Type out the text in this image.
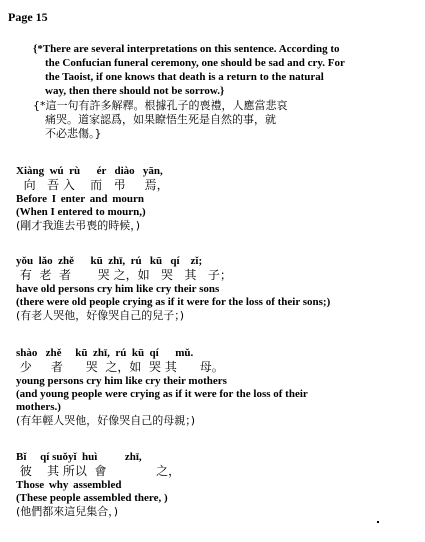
Page 15
{*There are several interpretations on this sentence. According to
the Confucian funeral ceremony, one should be sad and cry. For
the Taoist, if one knows that death is a return to the natural
way, then there should not be sorrow.}
{*這一句有許多解釋。根據孔子的喪禮，人應當悲哀
痛哭。道家認爲，如果瞭悟生死是自然的事，就
不必悲傷。}
Xiàng  wú  rù      ér   diào   yān,
向   吾 入    而   弔     焉，
Before I enter and mourn
(When I entered to mourn,)
(剛才我進去弔喪的時候，)
yǒu  lǎo  zhě      kū  zhī,  rú   kū   qí    zǐ;
有  老  者       哭 之，如   哭   其   子；
have old persons cry him like cry their sons
(there were old people crying as if it were for the loss of their sons;)
(有老人哭他，好像哭自己的兒子；)
shào   zhě     kū  zhī,  rú  kū  qí      mǔ.
少     者      哭  之，如  哭 其      母。
young persons cry him like cry their mothers
(and young people were crying as if it were for the loss of their
mothers.)
(有年輕人哭他，好像哭自己的母親；)
Bǐ     qí suǒyǐ  huì          zhī,
彼    其 所以  會             之，
Those why assembled
(These people assembled there, )
(他們都來這兒集合，)
